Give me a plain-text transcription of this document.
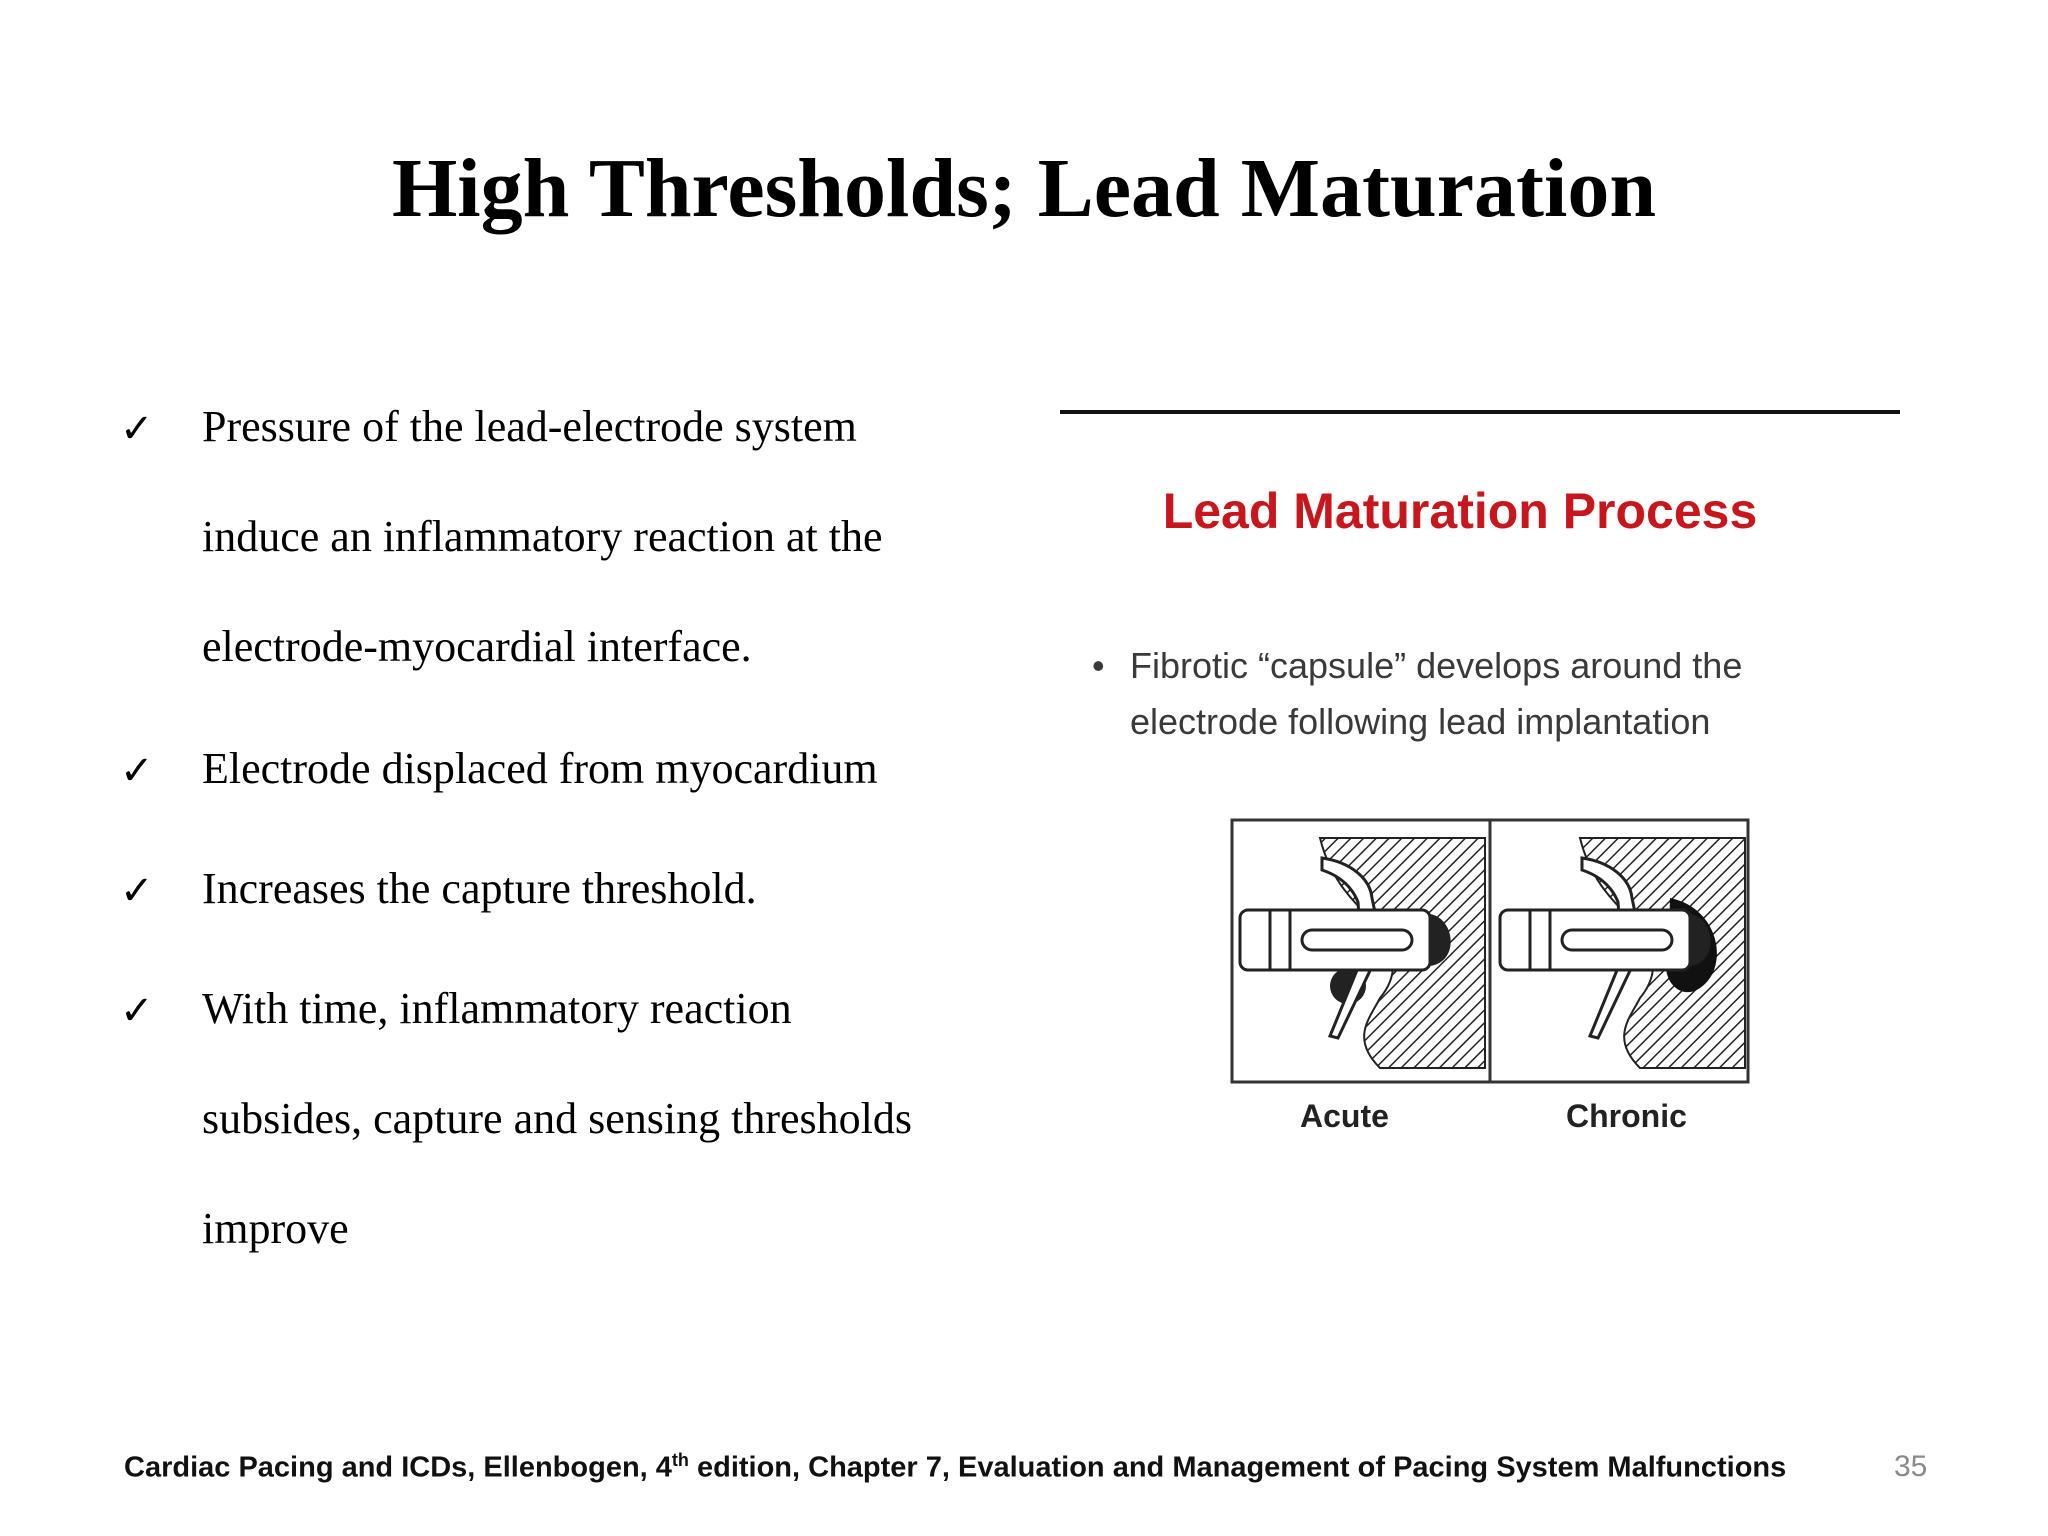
High Thresholds; Lead Maturation
✓	Pressure of the lead-electrode system
induce an inflammatory reaction at the
electrode-myocardial interface.
✓	Electrode displaced from myocardium
✓	Increases the capture threshold.
✓	With time, inflammatory reaction
subsides, capture and sensing thresholds
improve
Lead Maturation Process
• Fibrotic “capsule” develops around the
electrode following lead implantation
Acute	Chronic
Cardiac Pacing and ICDs, Ellenbogen, 4th edition, Chapter 7, Evaluation and Management of Pacing System Malfunctions	35
